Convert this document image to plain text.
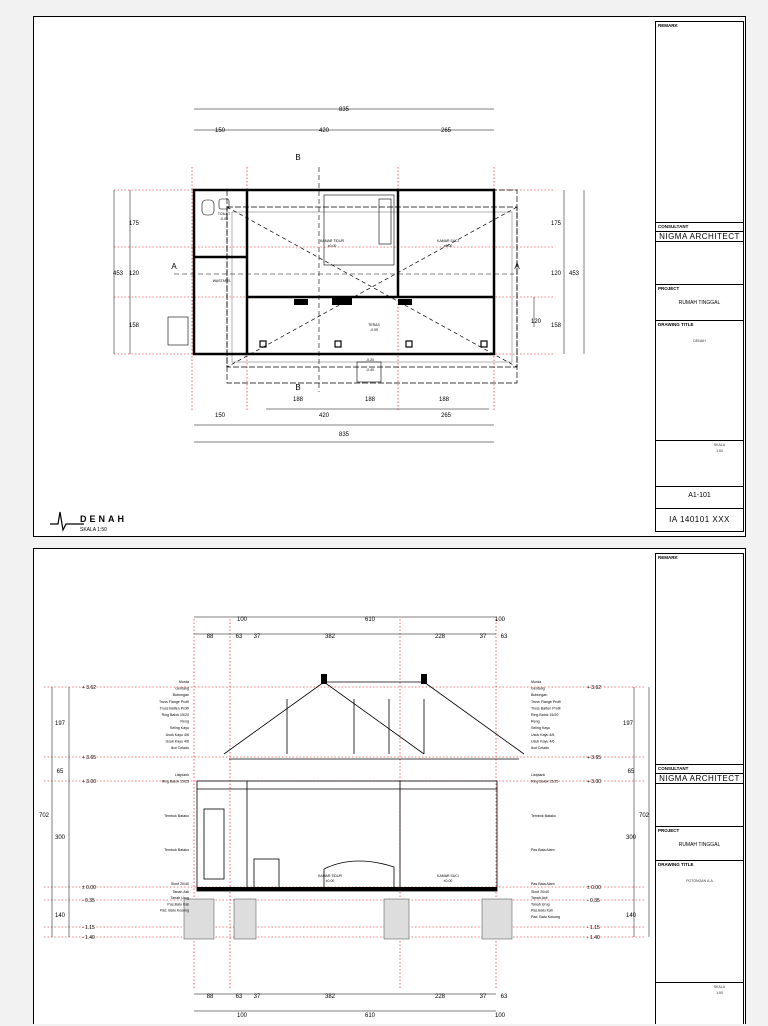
835
150	420	265
188	188	188
150	420	265
835
175
120
158
453
175
120
158
453
120
A	A
B
B
TOILET
-0.05
WASTAFEL
KAMAR TIDUR
±0.00
KAMAR SUCI
±0.00
TERAS
-0.05
-0.20
-0.40
DENAH
SKALA 1:50
REMARK
CONSULTANT
NIGMA ARCHITECT
PROJECT
RUMAH TINGGAL
DRAWING TITLE
DENAH
SKALA
1:50
A1-101
IA 140101 XXX
100	610	100
88	63 37	382	228	37 63
88	63 37	382	228	37 63
100	610	100
197
65
300
140
702
197
65
300
140
702
+ 3.62
+ 3.65
+ 3.00
± 0.00
- 0.35
- 1.15
- 1.40
+ 3.62
+ 3.65
+ 3.00
± 0.00
- 0.35
- 1.15
- 1.40
Murda
Gentang
Bubungan
Truss Flange Profil
Truss Batten Profil
Ring Balok 15/20
Reng
Seling Kayu
Usuk Kayu 4/6
Usuk Kayu 4/6
Ikut Celadu
Listplank
Ring Balok 15/25
Tembok Batako
Tembok Batako
Sloof 20/40
Tanah Asli
Tanah Urug
Pas.Batu Kali
Pad. Batu Kosong
Murda
Gentang
Bubungan
Truss Flange Profil
Truss Batten Profil
Ring Balok 15/20
Reng
Seling Kayu
Usuk Kayu 4/6
Usuk Kayu 4/6
Ikut Celadu
Listplank
Ring Balok 15/25
Tembok Batako
Pas.Bata Alam
Pas.Bata Alam
Sloof 20/40
Tanah Asli
Tanah Urug
Pas.Batu Kali
Pad. Batu Kosong
KAMAR TIDUR
±0.00
KAMAR SUCI
±0.00
REMARK
CONSULTANT
NIGMA ARCHITECT
PROJECT
RUMAH TINGGAL
DRAWING TITLE
POTONGAN A-A
SKALA
1:50
